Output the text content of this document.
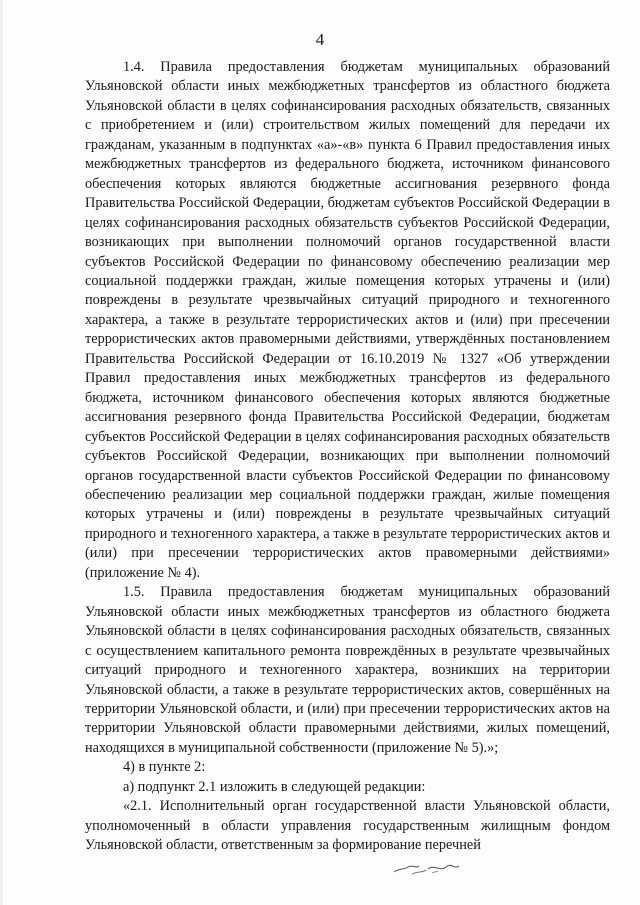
4

1.4. Правила предоставления бюджетам муниципальных образований Ульяновской области иных межбюджетных трансфертов из областного бюджета Ульяновской области в целях софинансирования расходных обязательств, связанных с приобретением и (или) строительством жилых помещений для передачи их гражданам, указанным в подпунктах «а»-«в» пункта 6 Правил предоставления иных межбюджетных трансфертов из федерального бюджета, источником финансового обеспечения которых являются бюджетные ассигнования резервного фонда Правительства Российской Федерации, бюджетам субъектов Российской Федерации в целях софинансирования расходных обязательств субъектов Российской Федерации, возникающих при выполнении полномочий органов государственной власти субъектов Российской Федерации по финансовому обеспечению реализации мер социальной поддержки граждан, жилые помещения которых утрачены и (или) повреждены в результате чрезвычайных ситуаций природного и техногенного характера, а также в результате террористических актов и (или) при пресечении террористических актов правомерными действиями, утверждённых постановлением Правительства Российской Федерации от 16.10.2019 № 1327 «Об утверждении Правил предоставления иных межбюджетных трансфертов из федерального бюджета, источником финансового обеспечения которых являются бюджетные ассигнования резервного фонда Правительства Российской Федерации, бюджетам субъектов Российской Федерации в целях софинансирования расходных обязательств субъектов Российской Федерации, возникающих при выполнении полномочий органов государственной власти субъектов Российской Федерации по финансовому обеспечению реализации мер социальной поддержки граждан, жилые помещения которых утрачены и (или) повреждены в результате чрезвычайных ситуаций природного и техногенного характера, а также в результате террористических актов и (или) при пресечении террористических актов правомерными действиями» (приложение № 4).

1.5. Правила предоставления бюджетам муниципальных образований Ульяновской области иных межбюджетных трансфертов из областного бюджета Ульяновской области в целях софинансирования расходных обязательств, связанных с осуществлением капитального ремонта повреждённых в результате чрезвычайных ситуаций природного и техногенного характера, возникших на территории Ульяновской области, а также в результате террористических актов, совершённых на территории Ульяновской области, и (или) при пресечении террористических актов на территории Ульяновской области правомерными действиями, жилых помещений, находящихся в муниципальной собственности (приложение № 5).»;

4) в пункте 2:

а) подпункт 2.1 изложить в следующей редакции:

«2.1. Исполнительный орган государственной власти Ульяновской области, уполномоченный в области управления государственным жилищным фондом Ульяновской области, ответственным за формирование перечней
